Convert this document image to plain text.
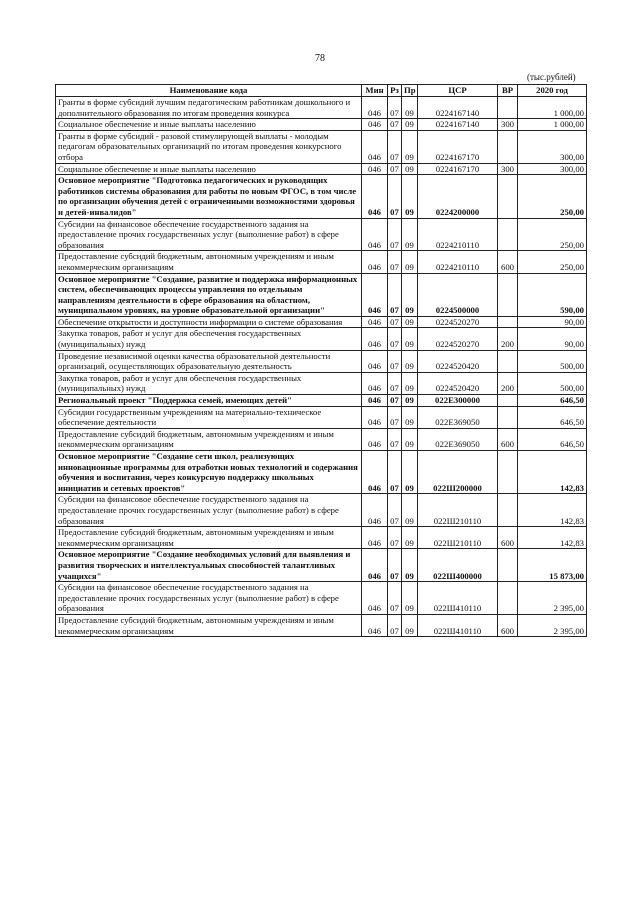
78
(тыс.рублей)
Наименование кода	Мин	Рз	Пр	ЦСР	ВР	2020 год
Гранты в форме субсидий лучшим педагогическим работникам дошкольного и дополнительного образования по итогам проведения конкурса	046	07	09	0224167140		1 000,00
Социальное обеспечение и иные выплаты населению	046	07	09	0224167140	300	1 000,00
Гранты в форме субсидий - разовой стимулирующей выплаты - молодым педагогам образовательных организаций по итогам проведения конкурсного отбора	046	07	09	0224167170		300,00
Социальное обеспечение и иные выплаты населению	046	07	09	0224167170	300	300,00
Основное мероприятие "Подготовка педагогических и руководящих работников системы образования для работы по новым ФГОС, в том числе по организации обучения детей с ограниченными возможностями здоровья и детей-инвалидов"	046	07	09	0224200000		250,00
Субсидии на финансовое обеспечение государственного задания на предоставление прочих государственных услуг (выполнение работ) в сфере образования	046	07	09	0224210110		250,00
Предоставление субсидий бюджетным, автономным учреждениям и иным некоммерческим организациям	046	07	09	0224210110	600	250,00
Основное мероприятие "Создание, развитие и поддержка информационных систем, обеспечивающих процессы управления по отдельным направлениям деятельности в сфере образования на областном, муниципальном уровнях, на уровне образовательной организации"	046	07	09	0224500000		590,00
Обеспечение открытости и доступности информации о системе образования	046	07	09	0224520270		90,00
Закупка товаров, работ и услуг для обеспечения государственных (муниципальных) нужд	046	07	09	0224520270	200	90,00
Проведение независимой оценки качества образовательной деятельности организаций, осуществляющих образовательную деятельность	046	07	09	0224520420		500,00
Закупка товаров, работ и услуг для обеспечения государственных (муниципальных) нужд	046	07	09	0224520420	200	500,00
Региональный проект "Поддержка семей, имеющих детей"	046	07	09	022Е300000		646,50
Субсидии государственным учреждениям на материально-техническое обеспечение деятельности	046	07	09	022Е369050		646,50
Предоставление субсидий бюджетным, автономным учреждениям и иным некоммерческим организациям	046	07	09	022Е369050	600	646,50
Основное мероприятие "Создание сети школ, реализующих инновационные программы для отработки новых технологий и содержания обучения и воспитания, через конкурсную поддержку школьных инициатив и сетевых проектов"	046	07	09	022Ш200000		142,83
Субсидии на финансовое обеспечение государственного задания на предоставление прочих государственных услуг (выполнение работ) в сфере образования	046	07	09	022Ш210110		142,83
Предоставление субсидий бюджетным, автономным учреждениям и иным некоммерческим организациям	046	07	09	022Ш210110	600	142,83
Основное мероприятие "Создание необходимых условий для выявления и развития творческих и интеллектуальных способностей талантливых учащихся"	046	07	09	022Ш400000		15 873,00
Субсидии на финансовое обеспечение государственного задания на предоставление прочих государственных услуг (выполнение работ) в сфере образования	046	07	09	022Ш410110		2 395,00
Предоставление субсидий бюджетным, автономным учреждениям и иным некоммерческим организациям	046	07	09	022Ш410110	600	2 395,00
